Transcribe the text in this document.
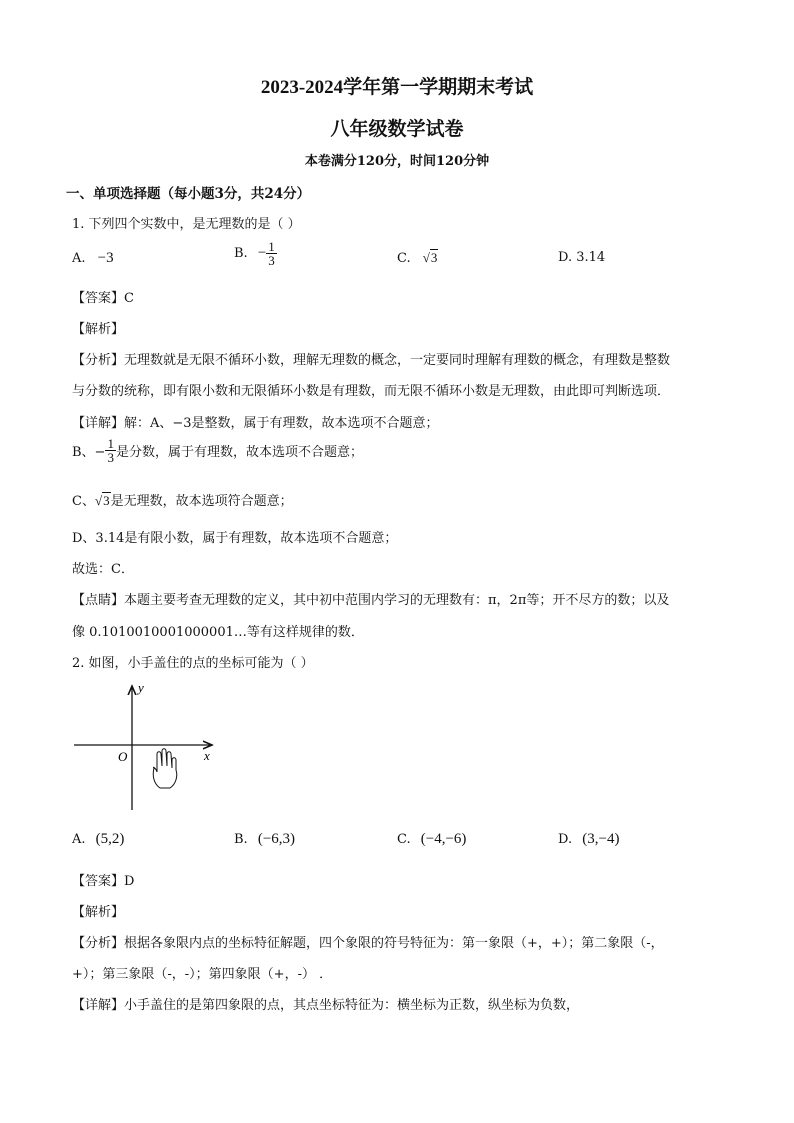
2023-2024学年第一学期期末考试
八年级数学试卷
本卷满分120分，时间120分钟
一、单项选择题（每小题3分，共24分）
1. 下列四个实数中，是无理数的是（ ）
A. −3	B. − $\frac{1}{3}$	C. √3	D. 3.14
【答案】C
【解析】
【分析】无理数就是无限不循环小数，理解无理数的概念，一定要同时理解有理数的概念，有理数是整数
与分数的统称，即有限小数和无限循环小数是有理数，而无限不循环小数是无理数，由此即可判断选项．
【详解】解：A、−3是整数，属于有理数，故本选项不合题意；
B、− $\frac{1}{3}$ 是分数，属于有理数，故本选项不合题意；
C、√3是无理数，故本选项符合题意；
D、3.14是有限小数，属于有理数，故本选项不合题意；
故选：C．
【点睛】本题主要考查无理数的定义，其中初中范围内学习的无理数有：π，2π等；开不尽方的数；以及
像 0.1010010001000001…等有这样规律的数．
2. 如图，小手盖住的点的坐标可能为（ ）
y
x
O
A. (5,2)	B. (−6,3)	C. (−4,−6)	D. (3,−4)
【答案】D
【解析】
【分析】根据各象限内点的坐标特征解题，四个象限的符号特征为：第一象限（+，+）；第二象限（-，
+）；第三象限（-，-）；第四象限（+，-） ．
【详解】小手盖住的是第四象限的点，其点坐标特征为：横坐标为正数，纵坐标为负数，
